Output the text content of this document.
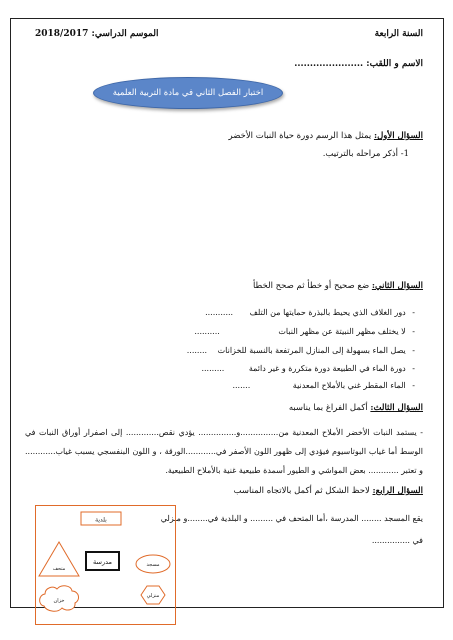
السنة الرابعة
الموسم الدراسي: 2018/2017
الاسم و اللقب: ......................
اختبار الفصل الثاني في مادة التربية العلمية
السؤال الأول: يمثل هذا الرسم دورة حياة النبات الأخضر
1- أذكر مراحله بالترتيب.
السؤال الثاني: ضع صحيح أو خطأ ثم صحح الخطأ
- دور الغلاف الذي يحيط بالبذرة حمايتها من التلف ...........
- لا يختلف مظهر النبيتة عن مظهر النبات ..........
- يصل الماء بسهولة إلى المنازل المرتفعة بالنسبة للخزانات ........
- دورة الماء في الطبيعة دورة متكررة و غير دائمة .........
- الماء المقطر غني بالأملاح المعدنية .......
السؤال الثالث: أكمل الفراغ بما يناسبه
- يستمد النبات الأخضر الأملاح المعدنية من...............و............... يؤدي نقص............. إلى اصفرار أوراق النبات في الوسط أما غياب البوتاسيوم فيؤدي إلى ظهور اللون الأصفر في............الورقة ، و اللون البنفسجي يسبب غياب............ و تعتبر ............ بعض المواشي و الطيور أسمدة طبيعية غنية بالأملاح الطبيعية.
السؤال الرابع: لاحظ الشكل ثم أكمل بالاتجاه المناسب
يقع المسجد ........ المدرسة ،أما المتحف في ......... و البلدية في........و منزلي
في ...............
بلدية
متحف
مدرسة	مسجد
منزلي
خزان
